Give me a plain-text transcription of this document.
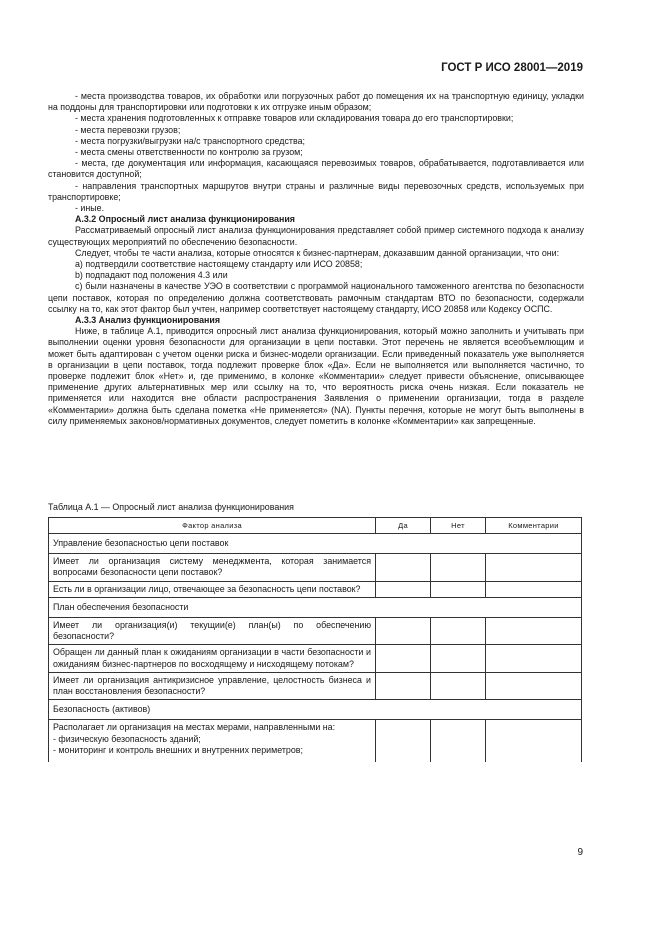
ГОСТ Р ИСО 28001—2019

- места производства товаров, их обработки или погрузочных работ до помещения их на транспортную единицу, укладки на поддоны для транспортировки или подготовки к их отгрузке иным образом;

- места хранения подготовленных к отправке товаров или складирования товара до его транспортировки;

- места перевозки грузов;

- места погрузки/выгрузки на/с транспортного средства;

- места смены ответственности по контролю за грузом;

- места, где документация или информация, касающаяся перевозимых товаров, обрабатывается, подготавливается или становится доступной;

- направления транспортных маршрутов внутри страны и различные виды перевозочных средств, используемых при транспортировке;

- иные.

А.3.2 Опросный лист анализа функционирования

Рассматриваемый опросный лист анализа функционирования представляет собой пример системного подхода к анализу существующих мероприятий по обеспечению безопасности.

Следует, чтобы те части анализа, которые относятся к бизнес-партнерам, доказавшим данной организации, что они:

a) подтвердили соответствие настоящему стандарту или ИСО 20858;

b) подпадают под положения 4.3 или

c) были назначены в качестве УЭО в соответствии с программой национального таможенного агентства по безопасности цепи поставок, которая по определению должна соответствовать рамочным стандартам ВТО по безопасности, содержали ссылку на то, как этот фактор был учтен, например соответствует настоящему стандарту, ИСО 20858 или Кодексу ОСПС.

А.3.3 Анализ функционирования

Ниже, в таблице А.1, приводится опросный лист анализа функционирования, который можно заполнить и учитывать при выполнении оценки уровня безопасности для организации в цепи поставки. Этот перечень не является всеобъемлющим и может быть адаптирован с учетом оценки риска и бизнес-модели организации. Если приведенный показатель уже выполняется в организации в цепи поставок, тогда подлежит проверке блок «Да». Если не выполняется или выполняется частично, то проверке подлежит блок «Нет» и, где применимо, в колонке «Комментарии» следует привести объяснение, описывающее применение других альтернативных мер или ссылку на то, что вероятность риска очень низкая. Если показатель не применяется или находится вне области распространения Заявления о применении организации, тогда в разделе «Комментарии» должна быть сделана пометка «Не применяется» (NA). Пункты перечня, которые не могут быть выполнены в силу применяемых законов/нормативных документов, следует пометить в колонке «Комментарии» как запрещенные.

Таблица А.1 — Опросный лист анализа функционирования
Фактор анализа	Да	Нет	Комментарии
Управление безопасностью цепи поставок			
Имеет ли организация систему менеджмента, которая занимается вопросами безопасности цепи поставок?			
Есть ли в организации лицо, отвечающее за безопасность цепи поставок?			
План обеспечения безопасности			
Имеет ли организация(и) текущии(е) план(ы) по обеспечению безопасности?			
Обращен ли данный план к ожиданиям организации в части безопасности и ожиданиям бизнес-партнеров по восходящему и нисходящему потокам?			
Имеет ли организация антикризисное управление, целостность бизнеса и план восстановления безопасности?			
Безопасность (активов)			

Располагает ли организация на местах мерами, направленными на:
- физическую безопасность зданий;
- мониторинг и контроль внешних и внутренних периметров;			

9
